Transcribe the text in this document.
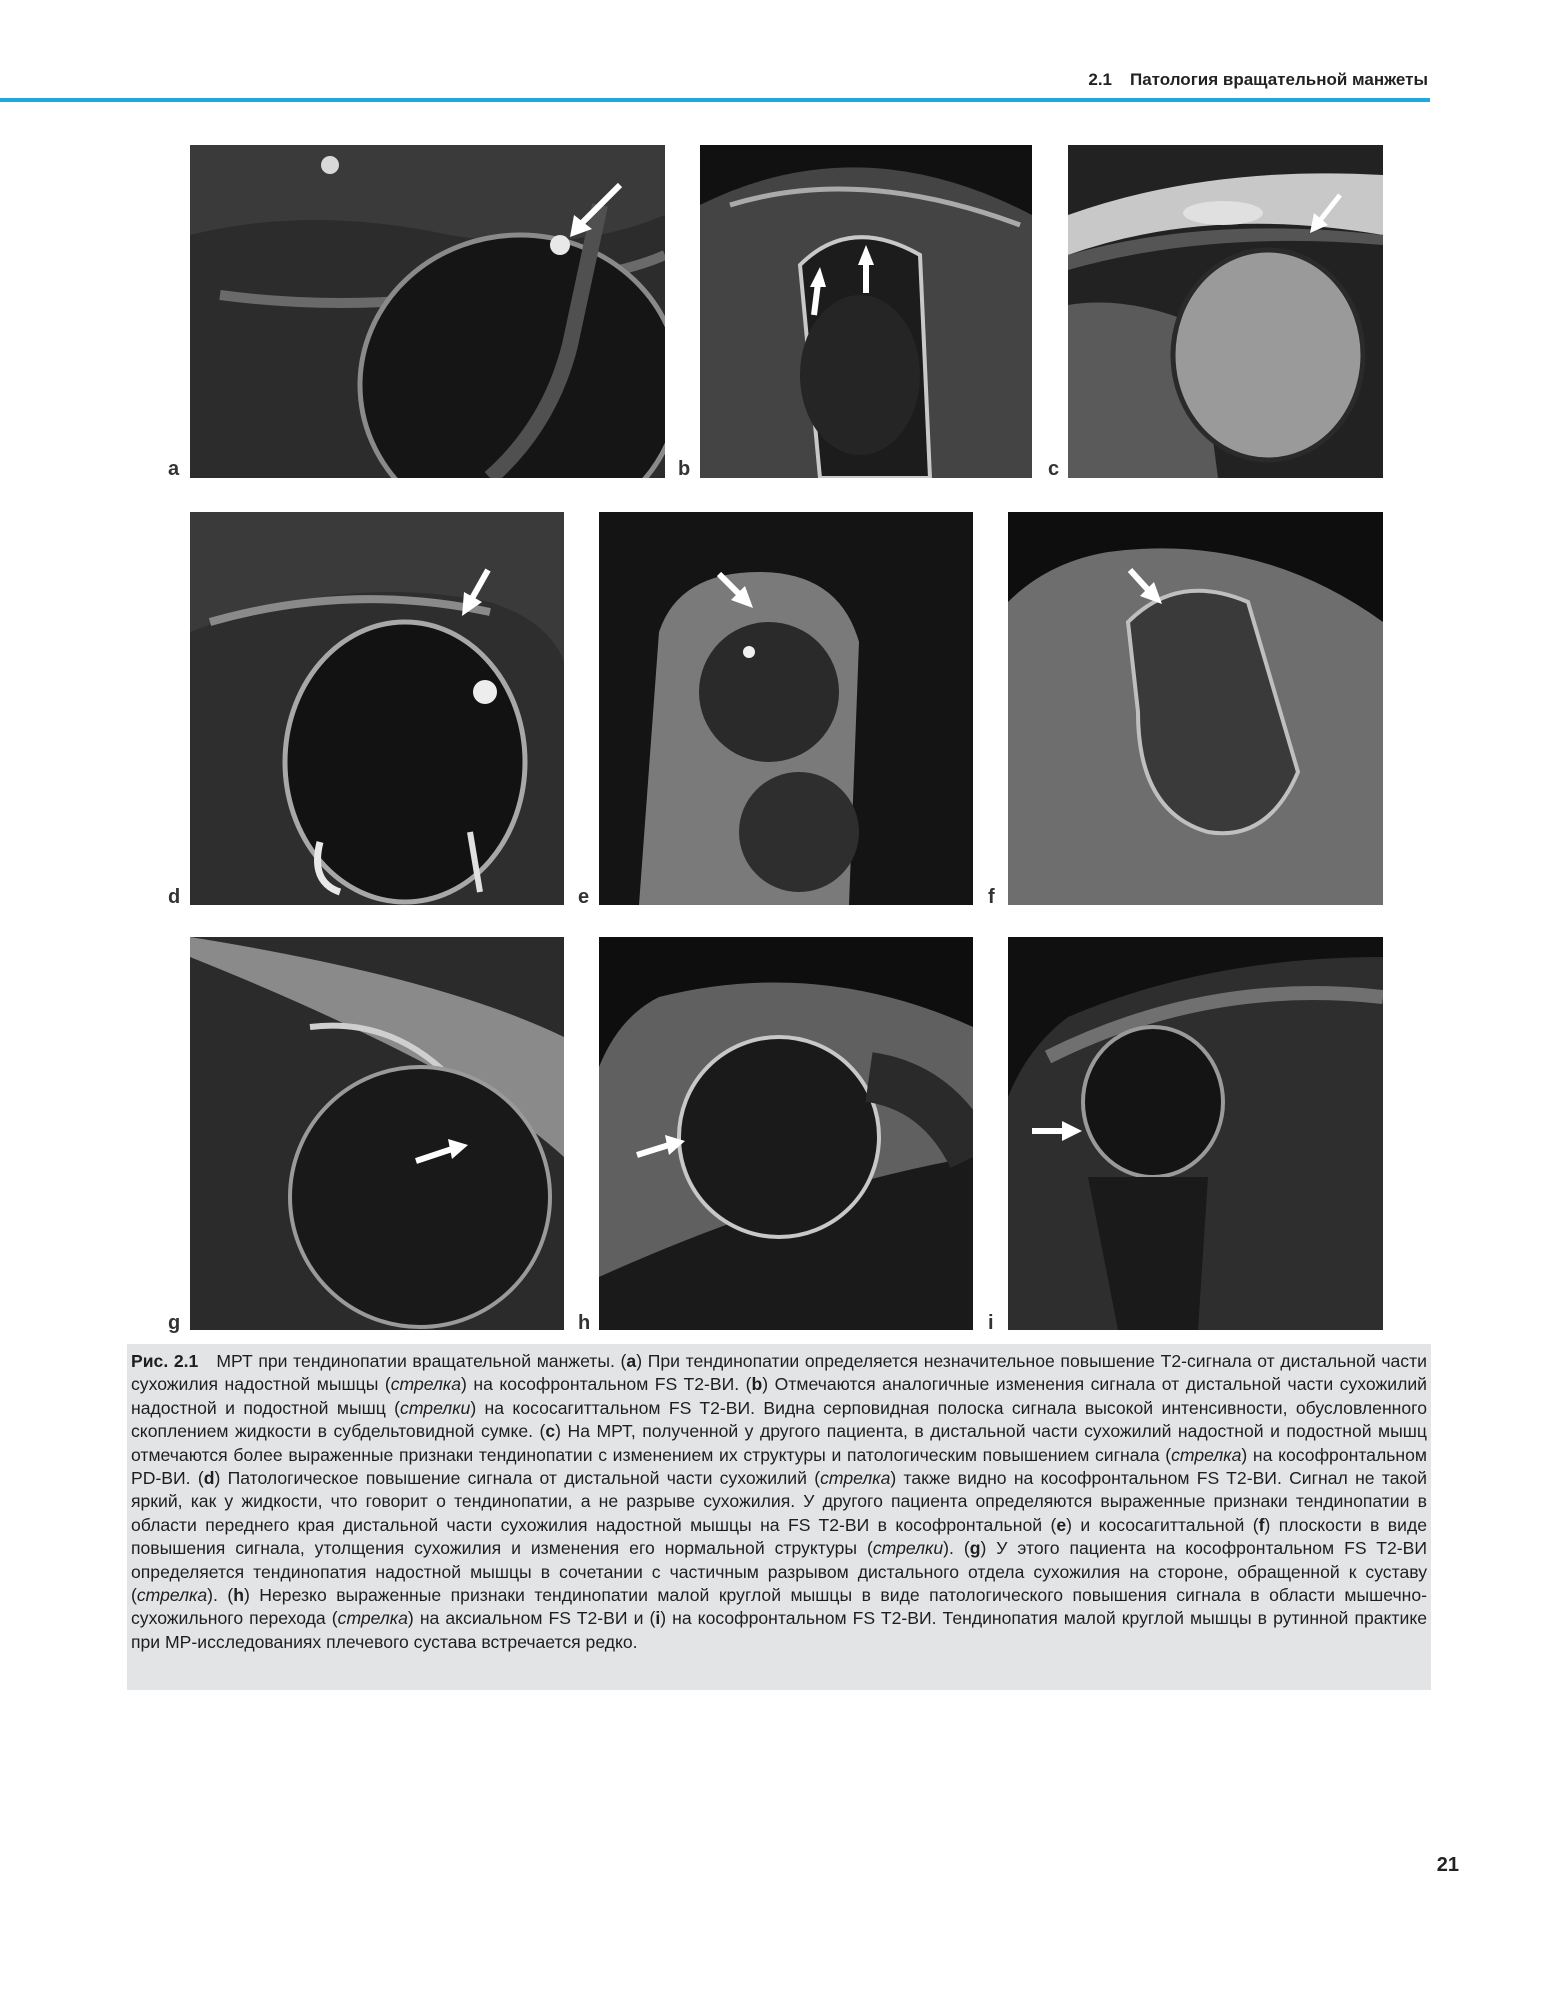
2.1 Патология вращательной манжеты
a	b	c
d	e	f
g	h	i
Рис. 2.1 МРТ при тендинопатии вращательной манжеты. (a) При тендинопатии определяется незначительное повышение Т2-сигнала от дистальной части сухожилия надостной мышцы (стрелка) на кософронтальном FS T2-ВИ. (b) Отмечаются аналогичные изменения сигнала от дистальной части сухожилий надостной и подостной мышц (стрелки) на кососагиттальном FS T2-ВИ. Видна серповидная полоска сигнала высокой интенсивности, обусловленного скоплением жидкости в субдельтовидной сумке. (c) На МРТ, полученной у другого пациента, в дистальной части сухожилий надостной и подостной мышц отмечаются более выраженные признаки тендинопатии с изменением их структуры и патологическим повышением сигнала (стрелка) на кософронтальном PD-ВИ. (d) Патологическое повышение сигнала от дистальной части сухожилий (стрелка) также видно на кософронтальном FS T2-ВИ. Сигнал не такой яркий, как у жидкости, что говорит о тендинопатии, а не разрыве сухожилия. У другого пациента определяются выраженные признаки тендинопатии в области переднего края дистальной части сухожилия надостной мышцы на FS T2-ВИ в кософронтальной (e) и кососагиттальной (f) плоскости в виде повышения сигнала, утолщения сухожилия и изменения его нормальной структуры (стрелки). (g) У этого пациента на кософронтальном FS T2-ВИ определяется тендинопатия надостной мышцы в сочетании с частичным разрывом дистального отдела сухожилия на стороне, обращенной к суставу (стрелка). (h) Нерезко выраженные признаки тендинопатии малой круглой мышцы в виде патологического повышения сигнала в области мышечно-сухожильного перехода (стрелка) на аксиальном FS T2-ВИ и (i) на кософронтальном FS T2-ВИ. Тендинопатия малой круглой мышцы в рутинной практике при МР-исследованиях плечевого сустава встречается редко.
21
